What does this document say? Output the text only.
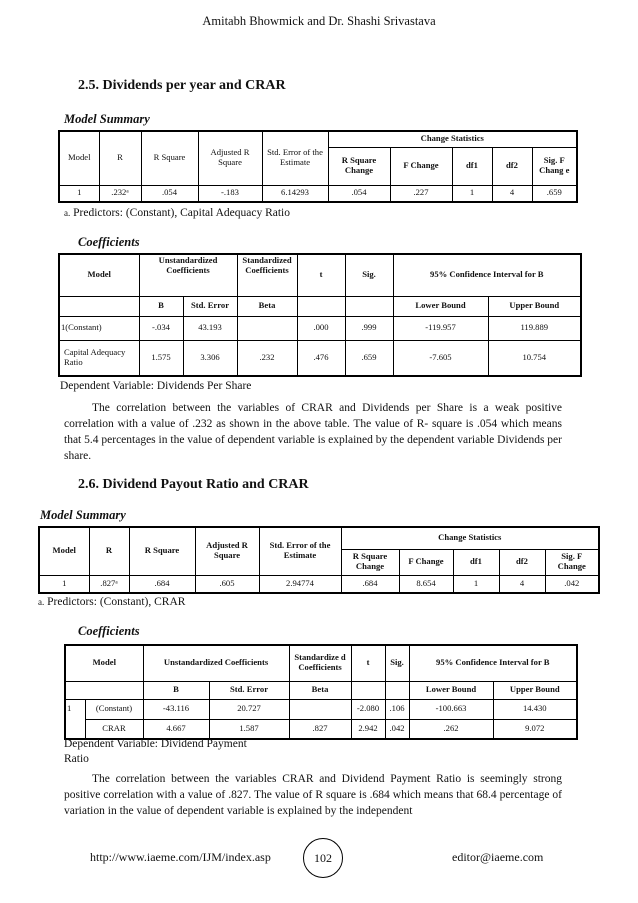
Amitabh Bhowmick and Dr. Shashi Srivastava
2.5. Dividends per year and CRAR
Model Summary
Model	R	R Square	Adjusted R Square	Std. Error of the Estimate	Change Statistics				
					R Square Change	F Change	df1	df2	Sig. F Chang e
1	.232ᵃ	.054	-.183	6.14293	.054	.227	1	4	.659
a. Predictors: (Constant), Capital Adequacy Ratio
Coefficients
Model	Unstandardized Coefficients		Standardized Coefficients	t	Sig.	95% Confidence Interval for B	

	B	Std. Error	Beta			Lower Bound	Upper Bound
1(Constant)	-.034	43.193		.000	.999	-119.957	119.889
Capital Adequacy Ratio	1.575	3.306	.232	.476	.659	-7.605	10.754
Dependent Variable: Dividends Per Share
The correlation between the variables of CRAR and Dividends per Share is a weak positive correlation with a value of .232 as shown in the above table. The value of R- square is .054 which means that 5.4 percentages in the value of dependent variable is explained by the dependent variable Dividends per share.
2.6. Dividend Payout Ratio and CRAR
Model Summary
Model	R	R Square	Adjusted R Square	Std. Error of the Estimate	Change Statistics				
					R Square Change	F Change	df1	df2	Sig. F Change
1	.827ᵃ	.684	.605	2.94774	.684	8.654	1	4	.042
a. Predictors: (Constant), CRAR
Coefficients
Model		Unstandardized Coefficients		Standardize d Coefficients	t	Sig.	95% Confidence Interval for B	

		B	Std. Error	Beta			Lower Bound	Upper Bound
1	(Constant)	-43.116	20.727		-2.080	.106	-100.663	14.430
	CRAR	4.667	1.587	.827	2.942	.042	.262	9.072
Dependent Variable: Dividend Payment
Ratio
The correlation between the variables CRAR and Dividend Payment Ratio is seemingly strong positive correlation with a value of .827. The value of R square is .684 which means that 68.4 percentage of variation in the value of dependent variable is explained by the independent
http://www.iaeme.com/IJM/index.asp	102	editor@iaeme.com
